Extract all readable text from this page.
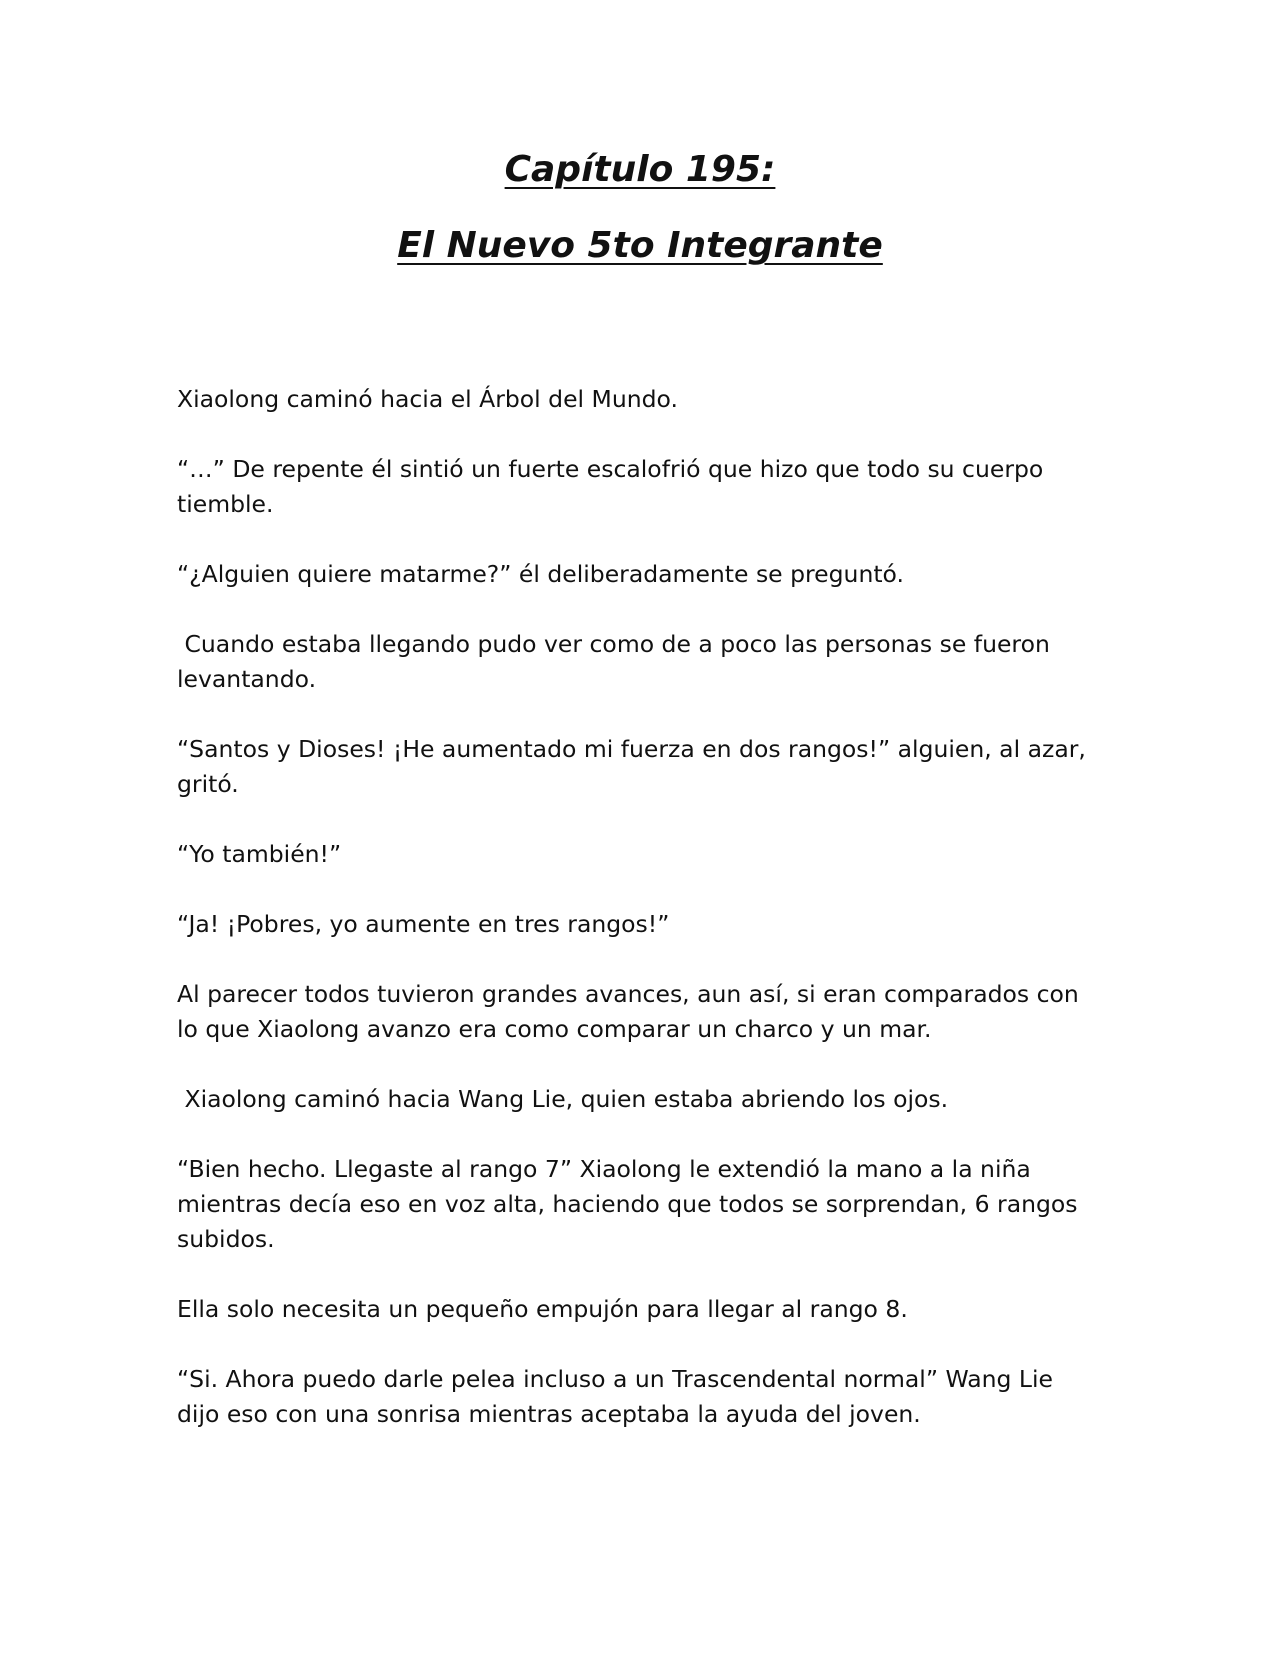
Capítulo 195:
El Nuevo 5to Integrante

Xiaolong caminó hacia el Árbol del Mundo.

“…” De repente él sintió un fuerte escalofrió que hizo que todo su cuerpo tiemble.

“¿Alguien quiere matarme?” él deliberadamente se preguntó.

Cuando estaba llegando pudo ver como de a poco las personas se fueron levantando.

“Santos y Dioses! ¡He aumentado mi fuerza en dos rangos!” alguien, al azar, gritó.

“Yo también!”

“Ja! ¡Pobres, yo aumente en tres rangos!”

Al parecer todos tuvieron grandes avances, aun así, si eran comparados con lo que Xiaolong avanzo era como comparar un charco y un mar.

Xiaolong caminó hacia Wang Lie, quien estaba abriendo los ojos.

“Bien hecho. Llegaste al rango 7” Xiaolong le extendió la mano a la niña mientras decía eso en voz alta, haciendo que todos se sorprendan, 6 rangos subidos.

Ella solo necesita un pequeño empujón para llegar al rango 8.

“Si. Ahora puedo darle pelea incluso a un Trascendental normal” Wang Lie dijo eso con una sonrisa mientras aceptaba la ayuda del joven.
